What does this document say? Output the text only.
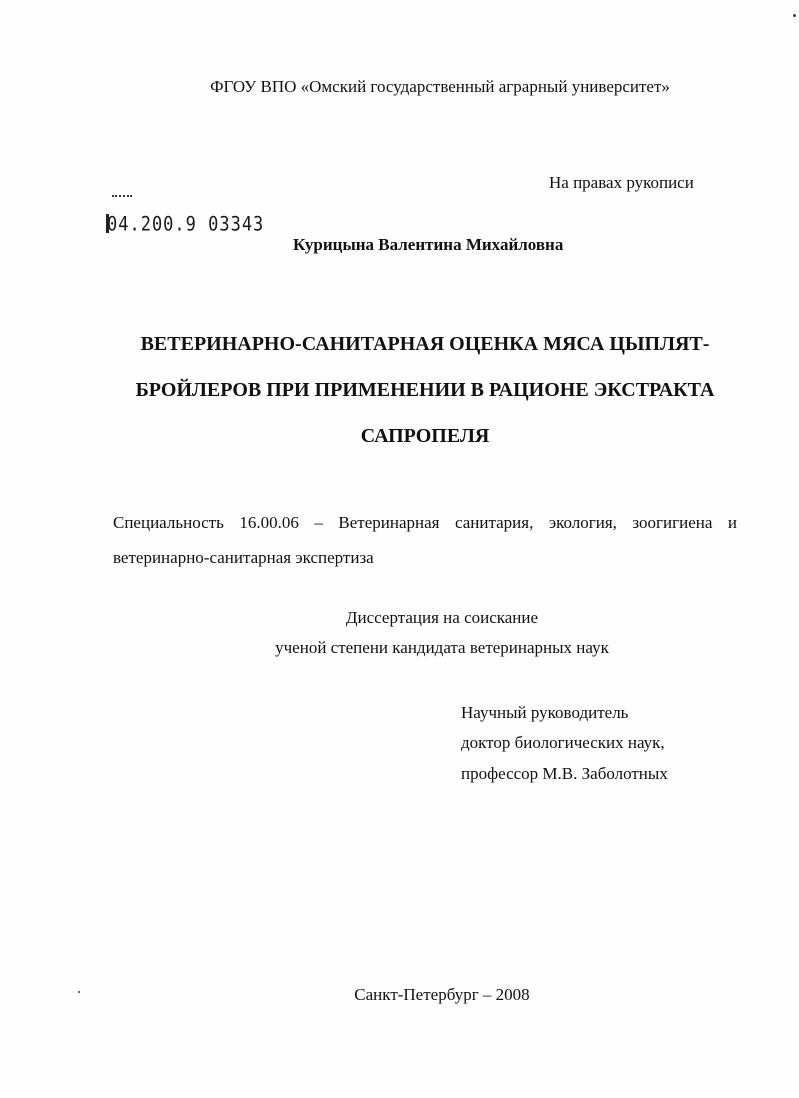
ФГОУ ВПО «Омский государственный аграрный университет»
На правах рукописи
04.200.9 03343
Курицына Валентина Михайловна
ВЕТЕРИНАРНО-САНИТАРНАЯ ОЦЕНКА МЯСА ЦЫПЛЯТ-
БРОЙЛЕРОВ ПРИ ПРИМЕНЕНИИ В РАЦИОНЕ ЭКСТРАКТА
САПРОПЕЛЯ
Специальность 16.00.06 – Ветеринарная санитария, экология, зоогигиена и
ветеринарно-санитарная экспертиза
Диссертация на соискание
ученой степени кандидата ветеринарных наук
Научный руководитель
доктор биологических наук,
профессор М.В. Заболотных
Санкт-Петербург – 2008
